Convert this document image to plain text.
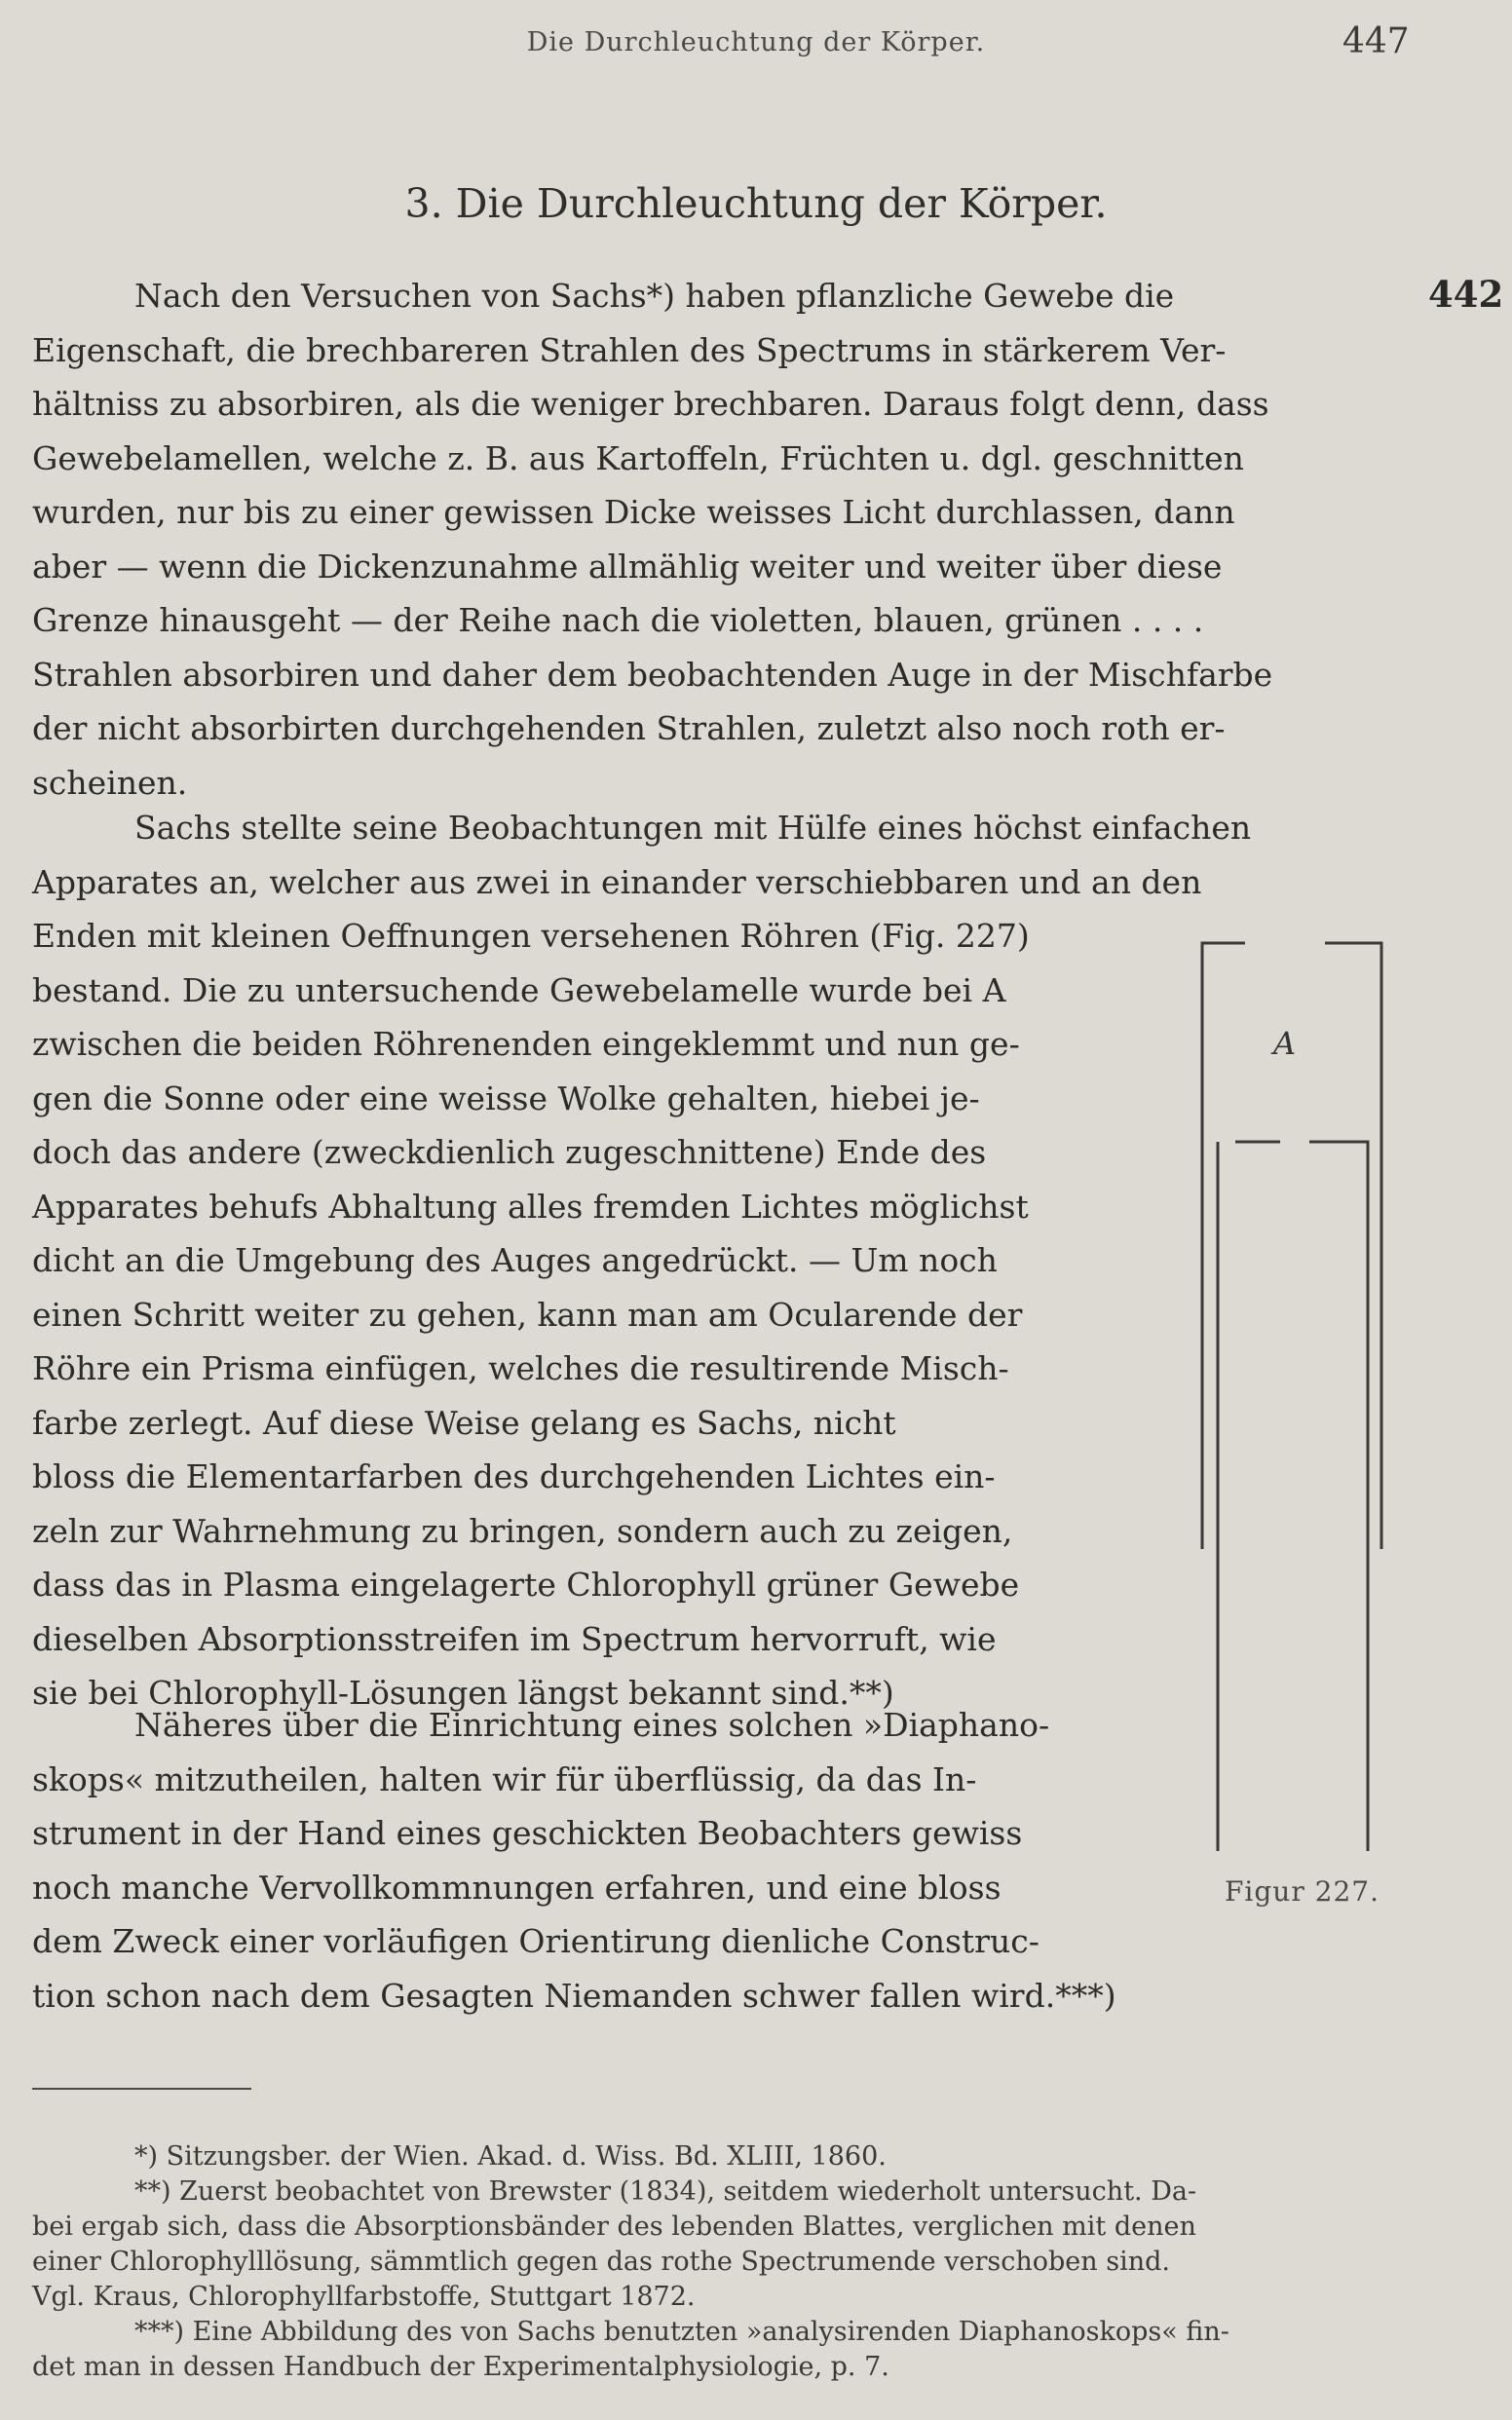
Die Durchleuchtung der Körper.	447
3. Die Durchleuchtung der Körper.
442
Nach den Versuchen von Sachs*) haben pflanzliche Gewebe die
Eigenschaft, die brechbareren Strahlen des Spectrums in stärkerem Ver-
hältniss zu absorbiren, als die weniger brechbaren. Daraus folgt denn, dass
Gewebelamellen, welche z. B. aus Kartoffeln, Früchten u. dgl. geschnitten
wurden, nur bis zu einer gewissen Dicke weisses Licht durchlassen, dann
aber — wenn die Dickenzunahme allmählig weiter und weiter über diese
Grenze hinausgeht — der Reihe nach die violetten, blauen, grünen . . . .
Strahlen absorbiren und daher dem beobachtenden Auge in der Mischfarbe
der nicht absorbirten durchgehenden Strahlen, zuletzt also noch roth er-
scheinen.
Sachs stellte seine Beobachtungen mit Hülfe eines höchst einfachen
Apparates an, welcher aus zwei in einander verschiebbaren und an den
Enden mit kleinen Oeffnungen versehenen Röhren (Fig. 227)
bestand. Die zu untersuchende Gewebelamelle wurde bei A
zwischen die beiden Röhrenenden eingeklemmt und nun ge-
gen die Sonne oder eine weisse Wolke gehalten, hiebei je-
doch das andere (zweckdienlich zugeschnittene) Ende des
Apparates behufs Abhaltung alles fremden Lichtes möglichst
dicht an die Umgebung des Auges angedrückt. — Um noch
einen Schritt weiter zu gehen, kann man am Ocularende der
Röhre ein Prisma einfügen, welches die resultirende Misch-
farbe zerlegt. Auf diese Weise gelang es Sachs, nicht
bloss die Elementarfarben des durchgehenden Lichtes ein-
zeln zur Wahrnehmung zu bringen, sondern auch zu zeigen,
dass das in Plasma eingelagerte Chlorophyll grüner Gewebe
dieselben Absorptionsstreifen im Spectrum hervorruft, wie
sie bei Chlorophyll-Lösungen längst bekannt sind.**)
Näheres über die Einrichtung eines solchen »Diaphano-
skops« mitzutheilen, halten wir für überflüssig, da das In-
strument in der Hand eines geschickten Beobachters gewiss
noch manche Vervollkommnungen erfahren, und eine bloss
dem Zweck einer vorläufigen Orientirung dienliche Construc-
tion schon nach dem Gesagten Niemanden schwer fallen wird.***)
A
Figur 227.
*) Sitzungsber. der Wien. Akad. d. Wiss. Bd. XLIII, 1860.
**) Zuerst beobachtet von Brewster (1834), seitdem wiederholt untersucht. Da-
bei ergab sich, dass die Absorptionsbänder des lebenden Blattes, verglichen mit denen
einer Chlorophylllösung, sämmtlich gegen das rothe Spectrumende verschoben sind.
Vgl. Kraus, Chlorophyllfarbstoffe, Stuttgart 1872.
***) Eine Abbildung des von Sachs benutzten »analysirenden Diaphanoskops« fin-
det man in dessen Handbuch der Experimentalphysiologie, p. 7.
